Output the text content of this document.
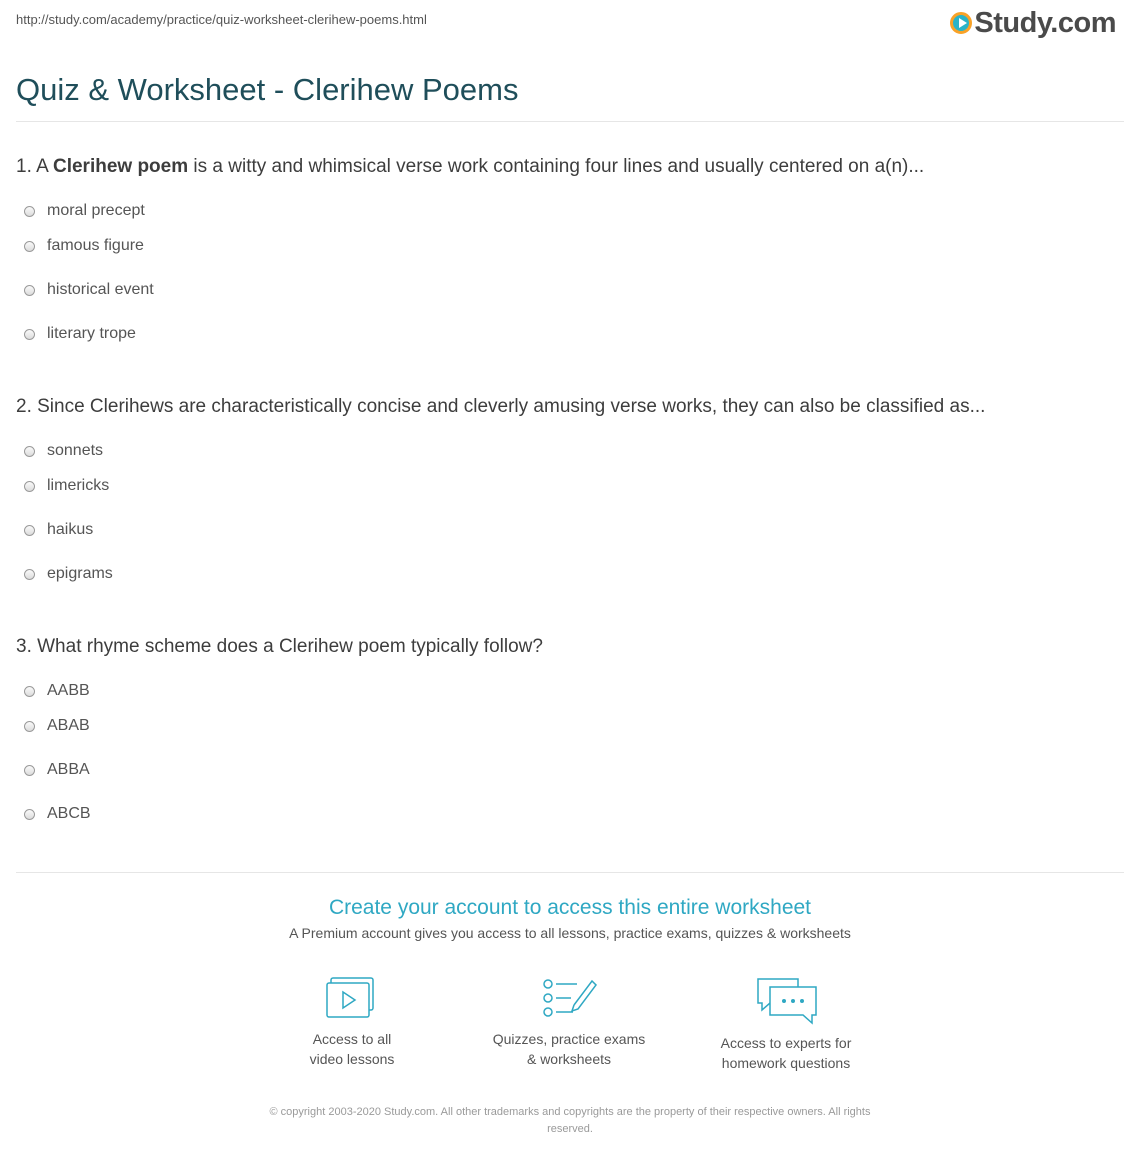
http://study.com/academy/practice/quiz-worksheet-clerihew-poems.html	Study.com
Quiz & Worksheet - Clerihew Poems
1. A Clerihew poem is a witty and whimsical verse work containing four lines and usually centered on a(n)...
moral precept
famous figure
historical event
literary trope
2. Since Clerihews are characteristically concise and cleverly amusing verse works, they can also be classified as...
sonnets
limericks
haikus
epigrams
3. What rhyme scheme does a Clerihew poem typically follow?
AABB
ABAB
ABBA
ABCB
Create your account to access this entire worksheet
A Premium account gives you access to all lessons, practice exams, quizzes & worksheets
Access to all
video lessons
Quizzes, practice exams
& worksheets
Access to experts for
homework questions
© copyright 2003-2020 Study.com. All other trademarks and copyrights are the property of their respective owners. All rights
reserved.
